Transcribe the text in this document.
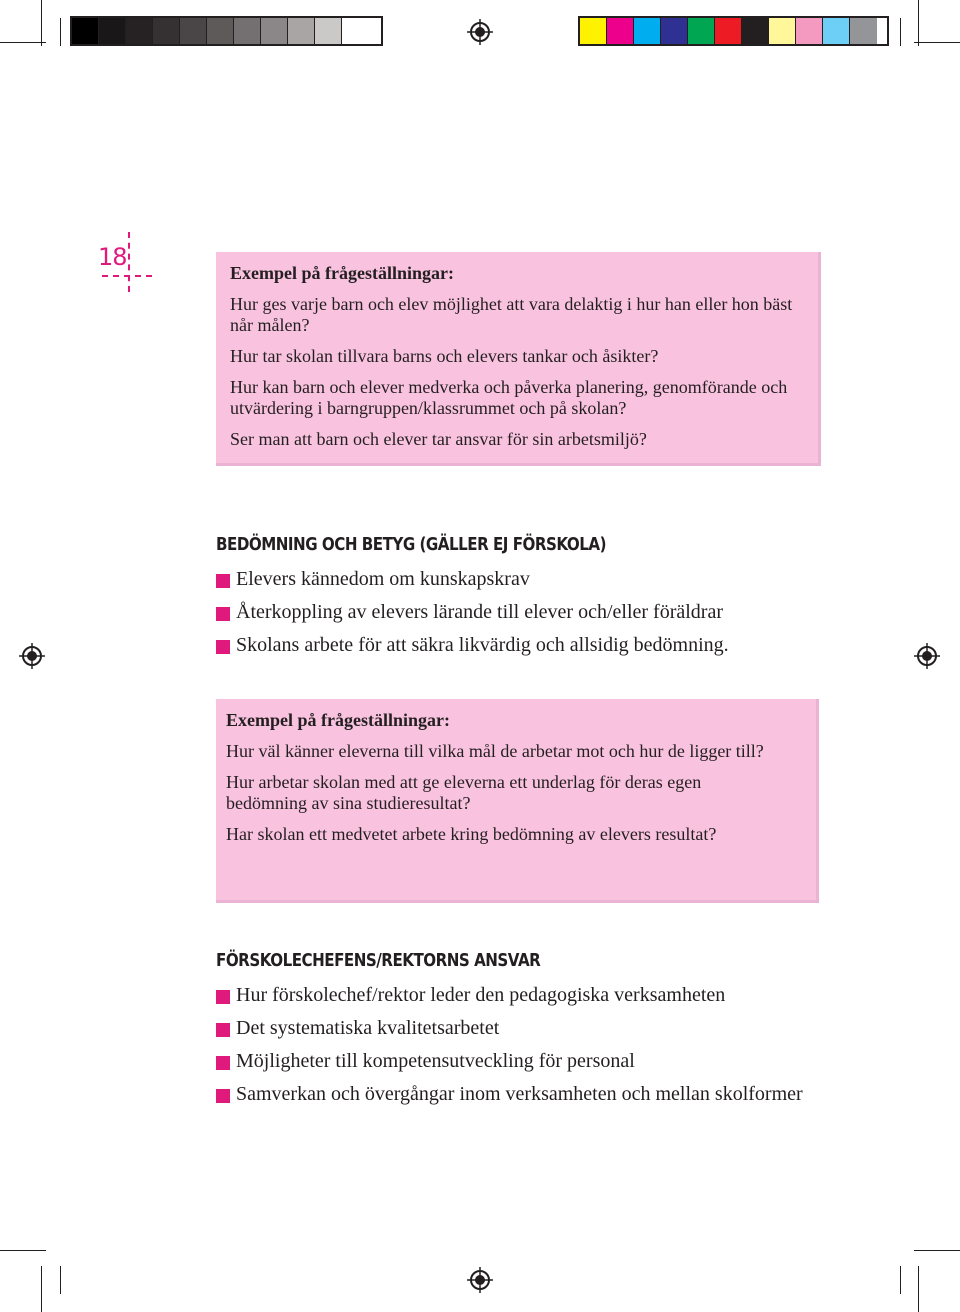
18

Exempel på frågeställningar:

Hur ges varje barn och elev möjlighet att vara delaktig i hur han eller hon bäst når målen?

Hur tar skolan tillvara barns och elevers tankar och åsikter?

Hur kan barn och elever medverka och påverka planering, genomförande och utvärdering i barngruppen/klassrummet och på skolan?

Ser man att barn och elever tar ansvar för sin arbetsmiljö?

BEDÖMNING OCH BETYG (GÄLLER EJ FÖRSKOLA)
Elevers kännedom om kunskapskrav
Återkoppling av elevers lärande till elever och/eller föräldrar
Skolans arbete för att säkra likvärdig och allsidig bedömning.

Exempel på frågeställningar:

Hur väl känner eleverna till vilka mål de arbetar mot och hur de ligger till?

Hur arbetar skolan med att ge eleverna ett underlag för deras egen bedömning av sina studieresultat?

Har skolan ett medvetet arbete kring bedömning av elevers resultat?

FÖRSKOLECHEFENS/REKTORNS ANSVAR
Hur förskolechef/rektor leder den pedagogiska verksamheten
Det systematiska kvalitetsarbetet
Möjligheter till kompetensutveckling för personal
Samverkan och övergångar inom verksamheten och mellan skolformer
